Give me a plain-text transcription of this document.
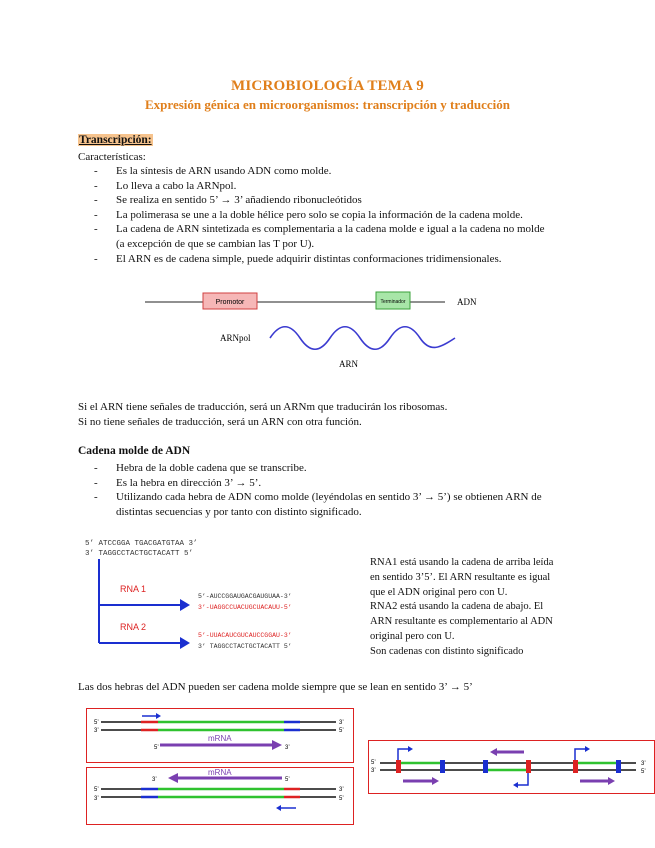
MICROBIOLOGÍA TEMA 9
Expresión génica en microorganismos: transcripción y traducción
Transcripción:
Características:
- Es la síntesis de ARN usando ADN como molde.
- Lo lleva a cabo la ARNpol.
- Se realiza en sentido 5’ → 3’ añadiendo ribonucleótidos
- La polimerasa se une a la doble hélice pero solo se copia la información de la cadena molde.
- La cadena de ARN sintetizada es complementaria a la cadena molde e igual a la cadena no molde
(a excepción de que se cambian las T por U).
- El ARN es de cadena simple, puede adquirir distintas conformaciones tridimensionales.
Promotor	Terminador	ADN
ARNpol
ARN
Si el ARN tiene señales de traducción, será un ARNm que traducirán los ribosomas.
Si no tiene señales de traducción, será un ARN con otra función.
Cadena molde de ADN
- Hebra de la doble cadena que se transcribe.
- Es la hebra en dirección 3’ → 5’.
- Utilizando cada hebra de ADN como molde (leyéndolas en sentido 3’ → 5’) se obtienen ARN de
distintas secuencias y por tanto con distinto significado.
5’ ATCCGGA TGACGATGTAA 3’
3’ TAGGCCTACTGCTACATT 5’
RNA 1
RNA 2
5’-AUCCGGAUGACGAUGUAA-3’
3’-UAGGCCUACUGCUACAUU-5’
5’-UUACAUCGUCAUCCGGAU-3’
3’ TAGGCCTACTGCTACATT 5’
RNA1 está usando la cadena de arriba leída
en sentido 3’5’. El ARN resultante es igual
que el ADN original pero con U.
RNA2 está usando la cadena de abajo. El
ARN resultante es complementario al ADN
original pero con U.
Son cadenas con distinto significado
Las dos hebras del ADN pueden ser cadena molde siempre que se lean en sentido 3’ → 5’
5’
3’
3’
5’
5’
mRNA
3’
3’
mRNA
5’
5’
3’
3’
5’
5’
3’
3’
5’
